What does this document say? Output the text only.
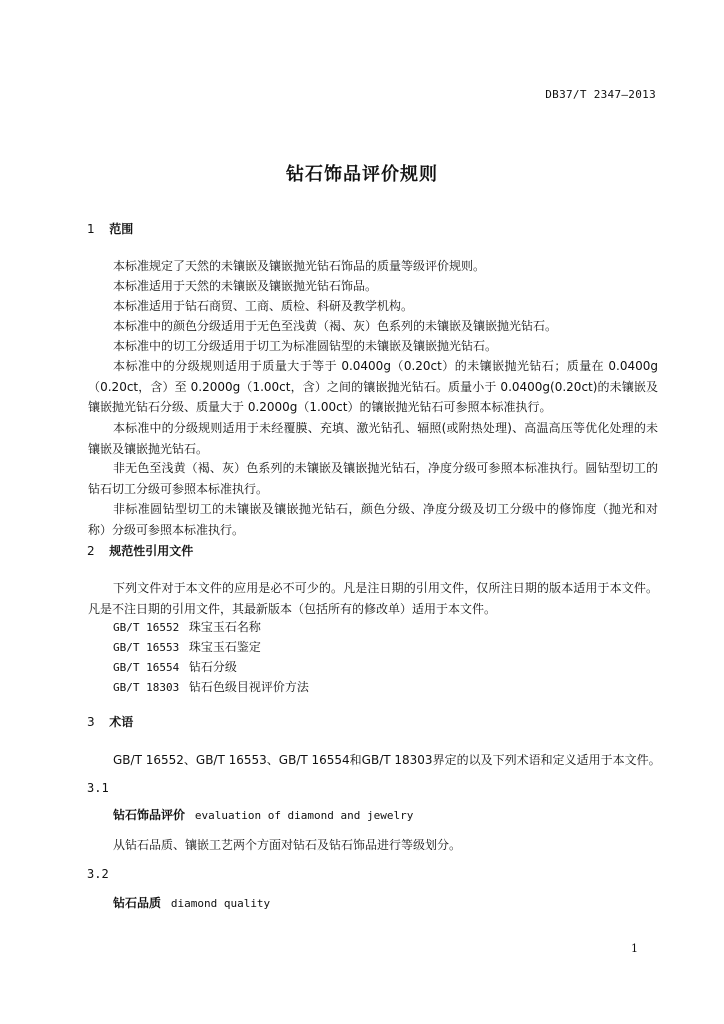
DB37/T 2347—2013
钻石饰品评价规则
1 范围
本标准规定了天然的未镶嵌及镶嵌抛光钻石饰品的质量等级评价规则。
本标准适用于天然的未镶嵌及镶嵌抛光钻石饰品。
本标准适用于钻石商贸、工商、质检、科研及教学机构。
本标准中的颜色分级适用于无色至浅黄（褐、灰）色系列的未镶嵌及镶嵌抛光钻石。
本标准中的切工分级适用于切工为标准圆钻型的未镶嵌及镶嵌抛光钻石。
本标准中的分级规则适用于质量大于等于 0.0400g（0.20ct）的未镶嵌抛光钻石；质量在 0.0400g（0.20ct，含）至 0.2000g（1.00ct，含）之间的镶嵌抛光钻石。质量小于 0.0400g(0.20ct)的未镶嵌及镶嵌抛光钻石分级、质量大于 0.2000g（1.00ct）的镶嵌抛光钻石可参照本标准执行。
本标准中的分级规则适用于未经覆膜、充填、激光钻孔、辐照(或附热处理)、高温高压等优化处理的未镶嵌及镶嵌抛光钻石。
非无色至浅黄（褐、灰）色系列的未镶嵌及镶嵌抛光钻石，净度分级可参照本标准执行。圆钻型切工的钻石切工分级可参照本标准执行。
非标准圆钻型切工的未镶嵌及镶嵌抛光钻石，颜色分级、净度分级及切工分级中的修饰度（抛光和对称）分级可参照本标准执行。
2 规范性引用文件
下列文件对于本文件的应用是必不可少的。凡是注日期的引用文件，仅所注日期的版本适用于本文件。凡是不注日期的引用文件，其最新版本（包括所有的修改单）适用于本文件。
GB/T 16552 珠宝玉石名称
GB/T 16553 珠宝玉石鉴定
GB/T 16554 钻石分级
GB/T 18303 钻石色级目视评价方法
3 术语
GB/T 16552、GB/T 16553、GB/T 16554和GB/T 18303界定的以及下列术语和定义适用于本文件。
3.1
钻石饰品评价 evaluation of diamond and jewelry
从钻石品质、镶嵌工艺两个方面对钻石及钻石饰品进行等级划分。
3.2
钻石品质 diamond quality
1
